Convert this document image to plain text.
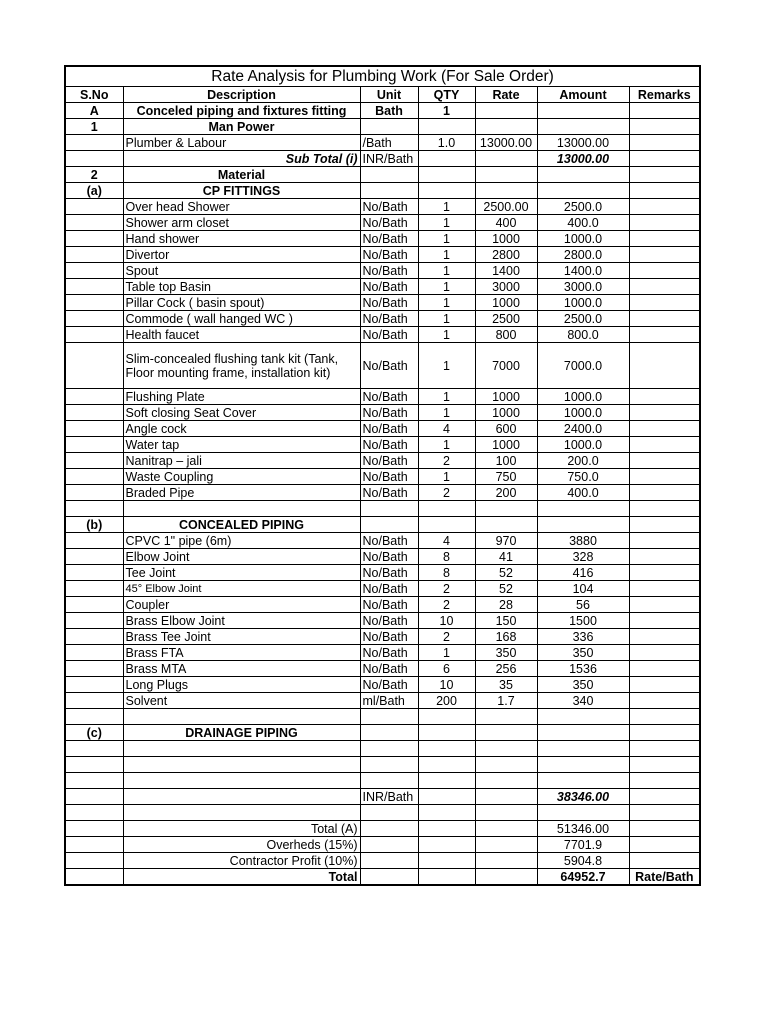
Rate Analysis for Plumbing Work (For Sale Order)						
S.No	Description	Unit	QTY	Rate	Amount	Remarks
A	Conceled piping and fixtures fitting	Bath	1			
1	Man Power					
	Plumber & Labour	/Bath	1.0	13000.00	13000.00	
	Sub Total (i)	INR/Bath			13000.00	
2	Material					
(a)	CP FITTINGS					
	Over head Shower	No/Bath	1	2500.00	2500.0	
	Shower arm closet	No/Bath	1	400	400.0	
	Hand shower	No/Bath	1	1000	1000.0	
	Divertor	No/Bath	1	2800	2800.0	
	Spout	No/Bath	1	1400	1400.0	
	Table top Basin	No/Bath	1	3000	3000.0	
	Pillar Cock ( basin spout)	No/Bath	1	1000	1000.0	
	Commode ( wall hanged WC )	No/Bath	1	2500	2500.0	
	Health faucet	No/Bath	1	800	800.0	
	Slim-concealed flushing tank kit (Tank, Floor mounting frame, installation kit)	No/Bath	1	7000	7000.0	
	Flushing Plate	No/Bath	1	1000	1000.0	
	Soft closing Seat Cover	No/Bath	1	1000	1000.0	
	Angle cock	No/Bath	4	600	2400.0	
	Water tap	No/Bath	1	1000	1000.0	
	Nanitrap – jali	No/Bath	2	100	200.0	
	Waste Coupling	No/Bath	1	750	750.0	
	Braded Pipe	No/Bath	2	200	400.0	

(b)	CONCEALED PIPING					
	CPVC 1" pipe (6m)	No/Bath	4	970	3880	
	Elbow Joint	No/Bath	8	41	328	
	Tee Joint	No/Bath	8	52	416	
	45° Elbow Joint	No/Bath	2	52	104	
	Coupler	No/Bath	2	28	56	
	Brass Elbow Joint	No/Bath	10	150	1500	
	Brass Tee Joint	No/Bath	2	168	336	
	Brass FTA	No/Bath	1	350	350	
	Brass MTA	No/Bath	6	256	1536	
	Long Plugs	No/Bath	10	35	350	
	Solvent	ml/Bath	200	1.7	340	

(c)	DRAINAGE PIPING					

		INR/Bath			38346.00	

	Total (A)				51346.00	
	Overheds (15%)				7701.9	
	Contractor Profit (10%)				5904.8	
	Total				64952.7	Rate/Bath
